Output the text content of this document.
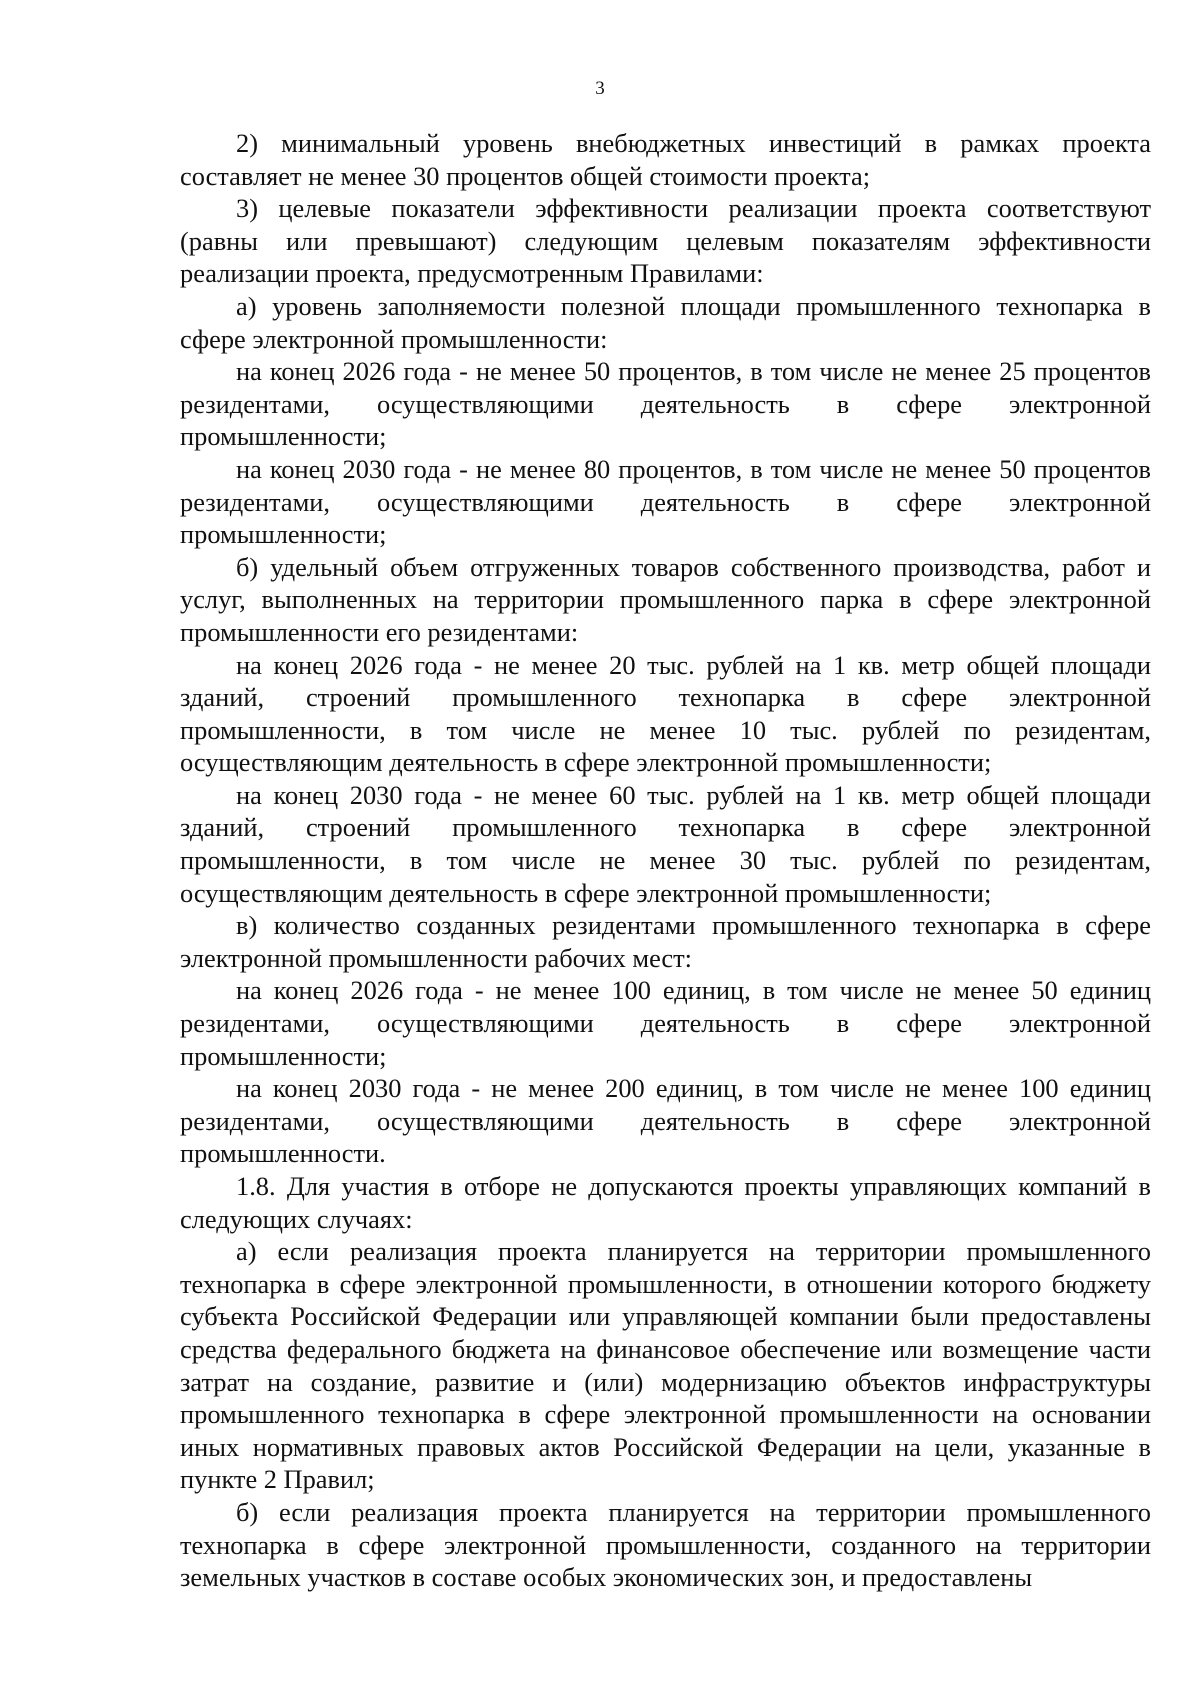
3

2) минимальный уровень внебюджетных инвестиций в рамках проекта составляет не менее 30 процентов общей стоимости проекта;

3) целевые показатели эффективности реализации проекта соответствуют (равны или превышают) следующим целевым показателям эффективности реализации проекта, предусмотренным Правилами:

а) уровень заполняемости полезной площади промышленного технопарка в сфере электронной промышленности:

на конец 2026 года - не менее 50 процентов, в том числе не менее 25 процентов резидентами, осуществляющими деятельность в сфере электронной промышленности;

на конец 2030 года - не менее 80 процентов, в том числе не менее 50 процентов резидентами, осуществляющими деятельность в сфере электронной промышленности;

б) удельный объем отгруженных товаров собственного производства, работ и услуг, выполненных на территории промышленного парка в сфере электронной промышленности его резидентами:

на конец 2026 года - не менее 20 тыс. рублей на 1 кв. метр общей площади зданий, строений промышленного технопарка в сфере электронной промышленности, в том числе не менее 10 тыс. рублей по резидентам, осуществляющим деятельность в сфере электронной промышленности;

на конец 2030 года - не менее 60 тыс. рублей на 1 кв. метр общей площади зданий, строений промышленного технопарка в сфере электронной промышленности, в том числе не менее 30 тыс. рублей по резидентам, осуществляющим деятельность в сфере электронной промышленности;

в) количество созданных резидентами промышленного технопарка в сфере электронной промышленности рабочих мест:

на конец 2026 года - не менее 100 единиц, в том числе не менее 50 единиц резидентами, осуществляющими деятельность в сфере электронной промышленности;

на конец 2030 года - не менее 200 единиц, в том числе не менее 100 единиц резидентами, осуществляющими деятельность в сфере электронной промышленности.

1.8. Для участия в отборе не допускаются проекты управляющих компаний в следующих случаях:

а) если реализация проекта планируется на территории промышленного технопарка в сфере электронной промышленности, в отношении которого бюджету субъекта Российской Федерации или управляющей компании были предоставлены средства федерального бюджета на финансовое обеспечение или возмещение части затрат на создание, развитие и (или) модернизацию объектов инфраструктуры промышленного технопарка в сфере электронной промышленности на основании иных нормативных правовых актов Российской Федерации на цели, указанные в пункте 2 Правил;

б) если реализация проекта планируется на территории промышленного технопарка в сфере электронной промышленности, созданного на территории земельных участков в составе особых экономических зон, и предоставлены
